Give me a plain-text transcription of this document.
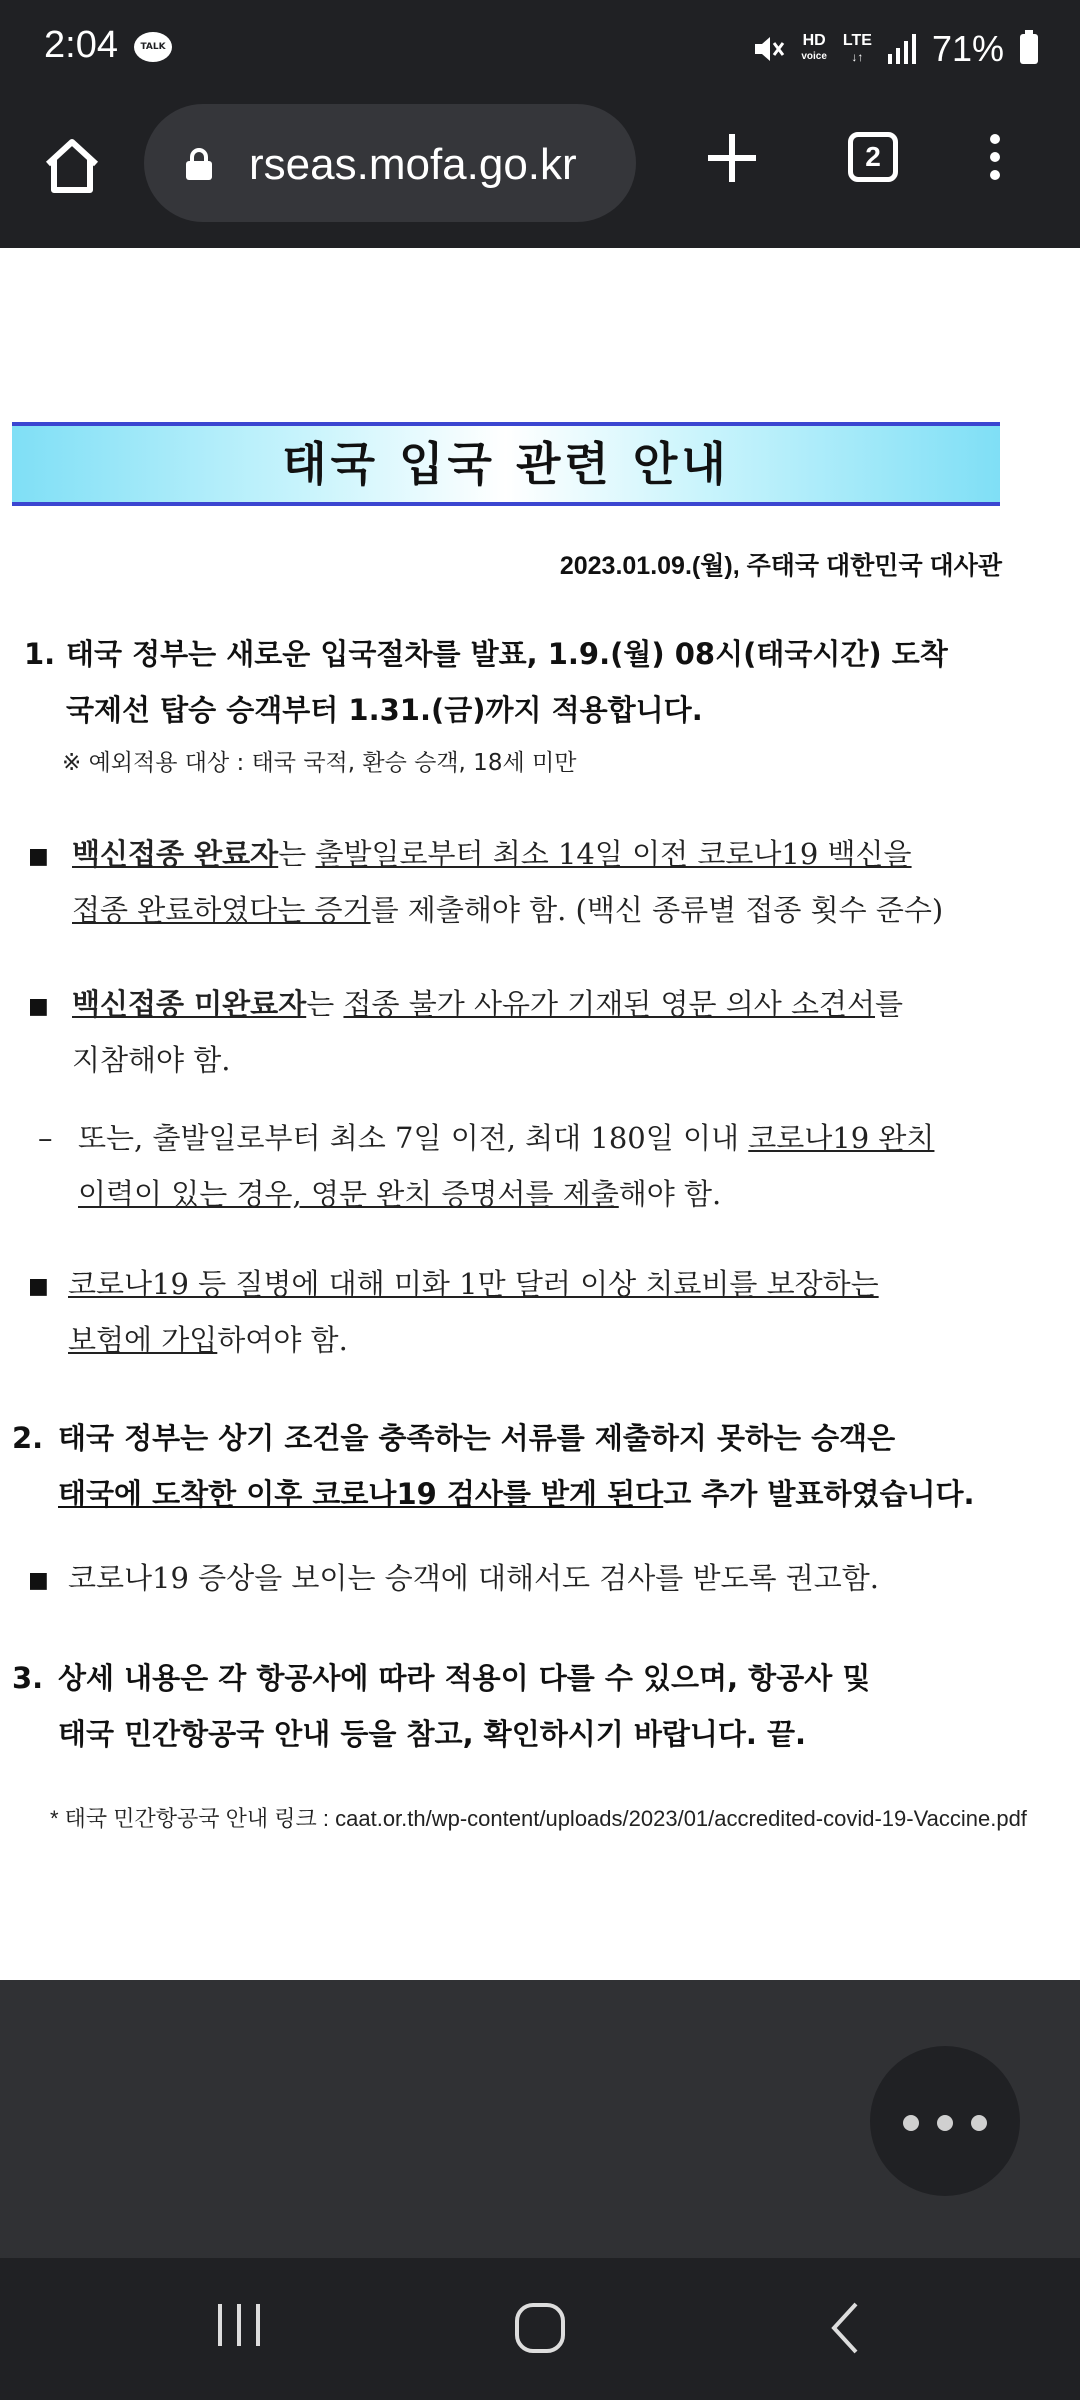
2:04	TALK	HD
voice
LTE
↓↑ 71%
rseas.mofa.go.kr	2
태국 입국 관련 안내
2023.01.09.(월), 주태국 대한민국 대사관
1. 태국 정부는 새로운 입국절차를 발표, 1.9.(월) 08시(태국시간) 도착
국제선 탑승 승객부터 1.31.(금)까지 적용합니다.
※ 예외적용 대상 : 태국 국적, 환승 승객, 18세 미만
■ 백신접종 완료자는 출발일로부터 최소 14일 이전 코로나19 백신을
접종 완료하였다는 증거를 제출해야 함. (백신 종류별 접종 횟수 준수)
■ 백신접종 미완료자는 접종 불가 사유가 기재된 영문 의사 소견서를
지참해야 함.
– 또는, 출발일로부터 최소 7일 이전, 최대 180일 이내 코로나19 완치
이력이 있는 경우, 영문 완치 증명서를 제출해야 함.
■ 코로나19 등 질병에 대해 미화 1만 달러 이상 치료비를 보장하는
보험에 가입하여야 함.
2. 태국 정부는 상기 조건을 충족하는 서류를 제출하지 못하는 승객은
태국에 도착한 이후 코로나19 검사를 받게 된다고 추가 발표하였습니다.
■ 코로나19 증상을 보이는 승객에 대해서도 검사를 받도록 권고함.
3. 상세 내용은 각 항공사에 따라 적용이 다를 수 있으며, 항공사 및
태국 민간항공국 안내 등을 참고, 확인하시기 바랍니다. 끝.
* 태국 민간항공국 안내 링크 : caat.or.th/wp-content/uploads/2023/01/accredited-covid-19-Vaccine.pdf
